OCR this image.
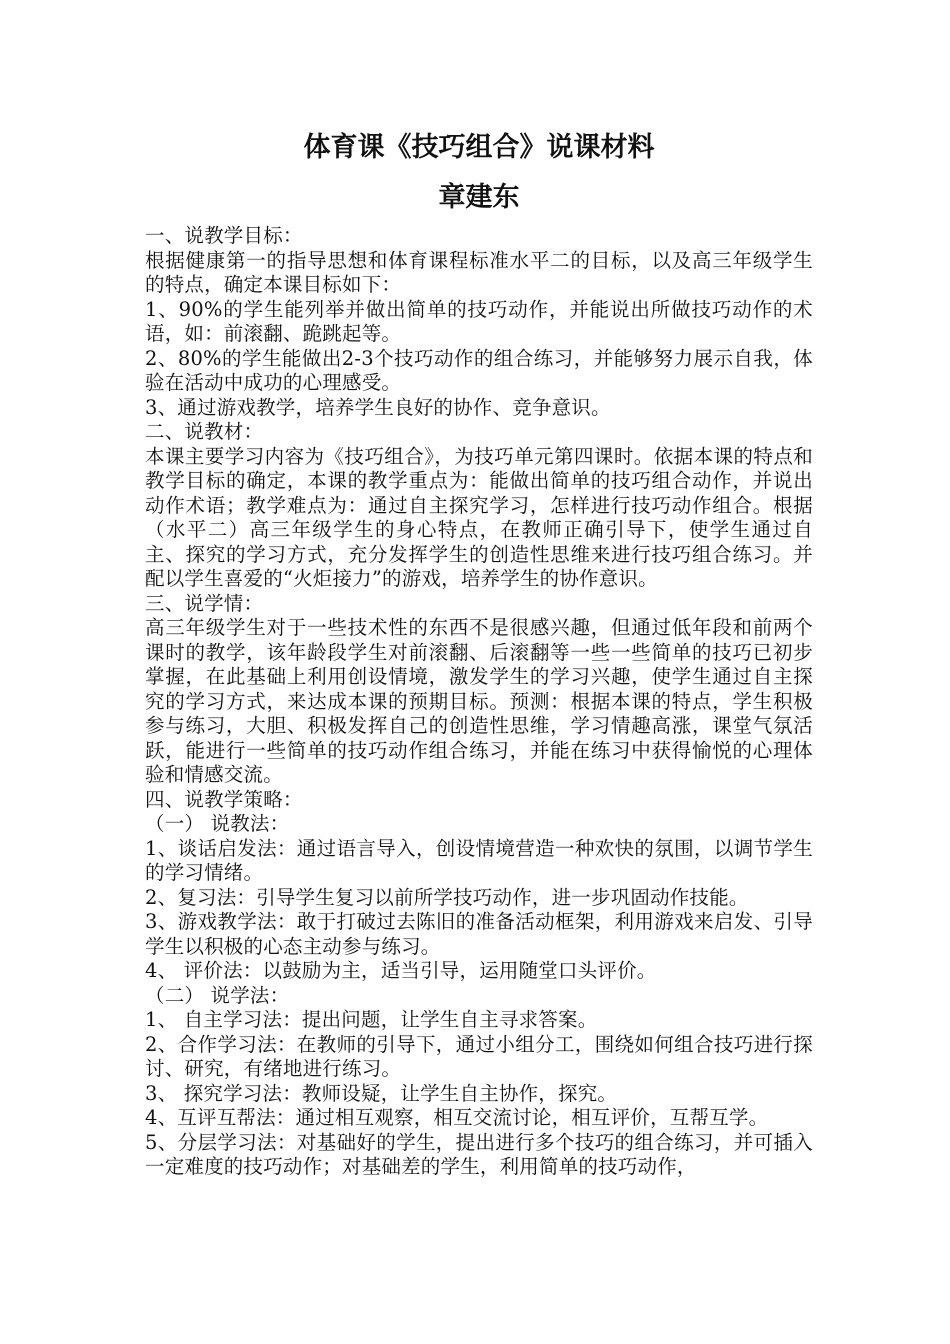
体育课《技巧组合》说课材料
章建东

一、说教学目标：

根据健康第一的指导思想和体育课程标准水平二的目标，以及高三年级学生的特点，确定本课目标如下：

1、90%的学生能列举并做出简单的技巧动作，并能说出所做技巧动作的术语，如：前滚翻、跪跳起等。

2、80%的学生能做出2-3个技巧动作的组合练习，并能够努力展示自我，体验在活动中成功的心理感受。

3、通过游戏教学，培养学生良好的协作、竞争意识。

二、说教材：

本课主要学习内容为《技巧组合》，为技巧单元第四课时。依据本课的特点和教学目标的确定，本课的教学重点为：能做出简单的技巧组合动作，并说出动作术语；教学难点为：通过自主探究学习，怎样进行技巧动作组合。根据（水平二）高三年级学生的身心特点，在教师正确引导下，使学生通过自主、探究的学习方式，充分发挥学生的创造性思维来进行技巧组合练习。并配以学生喜爱的“火炬接力”的游戏，培养学生的协作意识。

三、说学情：

高三年级学生对于一些技术性的东西不是很感兴趣，但通过低年段和前两个课时的教学，该年龄段学生对前滚翻、后滚翻等一些一些简单的技巧已初步掌握，在此基础上利用创设情境，激发学生的学习兴趣，使学生通过自主探究的学习方式，来达成本课的预期目标。预测：根据本课的特点，学生积极参与练习，大胆、积极发挥自己的创造性思维，学习情趣高涨，课堂气氛活跃，能进行一些简单的技巧动作组合练习，并能在练习中获得愉悦的心理体验和情感交流。

四、说教学策略：

（一） 说教法：

1、谈话启发法：通过语言导入，创设情境营造一种欢快的氛围，以调节学生的学习情绪。

2、复习法：引导学生复习以前所学技巧动作，进一步巩固动作技能。

3、游戏教学法：敢于打破过去陈旧的准备活动框架，利用游戏来启发、引导学生以积极的心态主动参与练习。

4、 评价法：以鼓励为主，适当引导，运用随堂口头评价。

（二） 说学法：

1、 自主学习法：提出问题，让学生自主寻求答案。

2、合作学习法：在教师的引导下，通过小组分工，围绕如何组合技巧进行探讨、研究，有绪地进行练习。

3、 探究学习法：教师设疑，让学生自主协作，探究。

4、互评互帮法：通过相互观察，相互交流讨论，相互评价，互帮互学。

5、分层学习法：对基础好的学生，提出进行多个技巧的组合练习，并可插入一定难度的技巧动作；对基础差的学生，利用简单的技巧动作，
